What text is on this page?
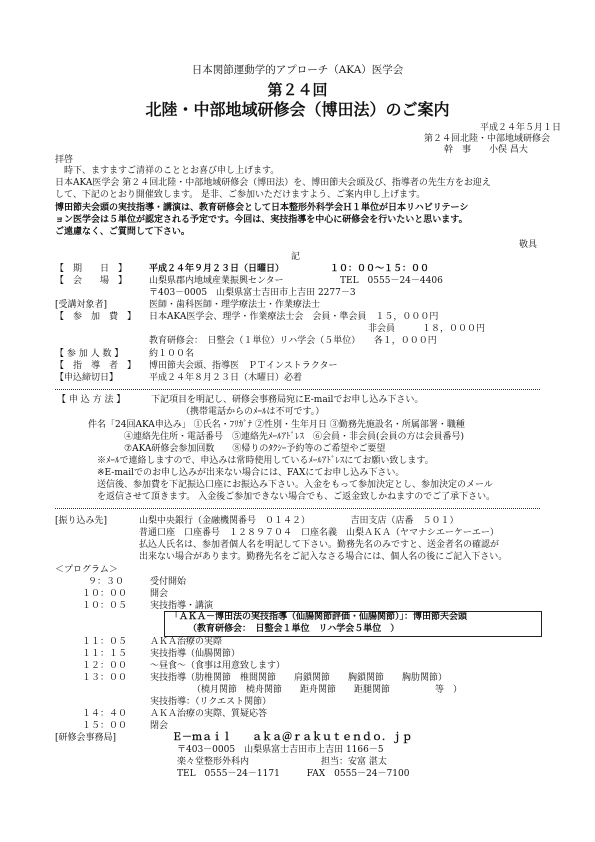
日本関節運動学的アプローチ（AKA）医学会
第２４回
北陸・中部地域研修会（博田法）のご案内
平成２４年５月１日
第２４回北陸・中部地域研修会
幹　事　　小俣 昌大
拝啓
　時下、ますますご清祥のこととお喜び申し上げます。
日本AKA医学会 第２４回北陸・中部地域研修会（博田法）を、博田節夫会頭及び、指導者の先生方をお迎え
して、下記のとおり開催致します。 是非、ご参加いただけますよう、ご案内申し上げます。
博田節夫会頭の実技指導・講演は、教育研修会として日本整形外科学会Ｈ１単位が日本リハビリテーシ
ョン医学会は５単位が認定される予定です。今回は、実技指導を中心に研修会を行いたいと思います。
ご遠慮なく、ご質問して下さい。
敬具
記
【　期　　日　】 平成２４年９月２３日（日曜日）	１０：００～１５：００
【　会　　場　】 山梨県郡内地域産業振興センター	TEL　0555－24－4406
〒403－0005　山梨県富士吉田市上吉田 2277－3
[受講対象者]	医師・歯科医師・理学療法士・作業療法士
【　参　加　費　】 日本AKA医学会、理学・作業療法士会　会員・準会員　１５，０００円
非会員　　　１８，０００円
教育研修会：　日整会（１単位）リハ学会（５単位）　　各１，０００円
【 参 加 人 数 】	約１００名
【　指　導　者　】 博田節夫会頭、指導医　ＰＴインストラクター
【申込締切日】	平成２４年８月２３日（木曜日）必着
【 申 込 方 法 】	下記項目を明記し、研修会事務局宛にE-mailでお申し込み下さい。
（携帯電話からのﾒｰﾙは不可です。）
件名「24回AKA申込み」 ①氏名・ﾌﾘｶﾞﾅ ②性別・生年月日 ③勤務先施設名・所属部署・職種
④連絡先住所・電話番号　⑤連絡先ﾒｰﾙｱﾄﾞﾚｽ　⑥会員・非会員(会員の方は会員番号)
⑦AKA研修会参加回数　　⑧帰りのﾀｸｼｰ予約等のご希望やご要望
※ﾒｰﾙで連絡しますので、申込みは常時使用しているﾒｰﾙｱﾄﾞﾚｽにてお願い致します。
※E-mailでのお申し込みが出来ない場合には、FAXにてお申し込み下さい。
送信後、参加費を下記振込口座にお振込み下さい。入金をもって参加決定とし、参加決定のメール
を返信させて頂きます。 入金後ご参加できない場合でも、ご返金致しかねますのでご了承下さい。
[振り込み先]	山梨中央銀行（金融機関番号　０１４２）　　　　　吉田支店（店番　５０１）
普通口座　口座番号　１２８９７０４　口座名義　山梨ＡＫＡ（ヤマナシエーケーエー）
払込人氏名は、参加者個人名を明記して下さい。勤務先名のみですと、送金者名の確認が
出来ない場合があります。勤務先名をご記入なさる場合には、個人名の後にご記入下さい。
＜プログラム＞
９：３０	受付開始
１０：００	開会
１０：０５	実技指導・講演
「ＡＫＡ－博田法の実技指導（仙腸関節評価・仙腸関節）」：博田節夫会頭
（教育研修会：　日整会１単位　リハ学会５単位　）
１１：０５	ＡＫＡ治療の実際
１１：１５	実技指導（仙腸関節）
１２：００	～昼食～（食事は用意致します）
１３：００	実技指導（肋椎関節　椎間関節　　肩鎖関節　　胸鎖関節　　胸肋関節）
（橈月関節　橈舟関節　　距舟関節　　距腿関節　　　　　等　）
実技指導：（リクエスト関節）
１４：４０	ＡＫＡ治療の実際、質疑応答
１５：００	閉会
[研修会事務局]	Ｅ－ｍａｉｌ　　ａｋａ＠ｒａｋｕｔｅｎｄｏ．ｊｐ
〒403－0005　山梨県富士吉田市上吉田 1166－5
楽々堂整形外科内　　　　　　　　担当：安富 湛太
TEL　0555－24－1171　　　FAX　0555－24－7100
